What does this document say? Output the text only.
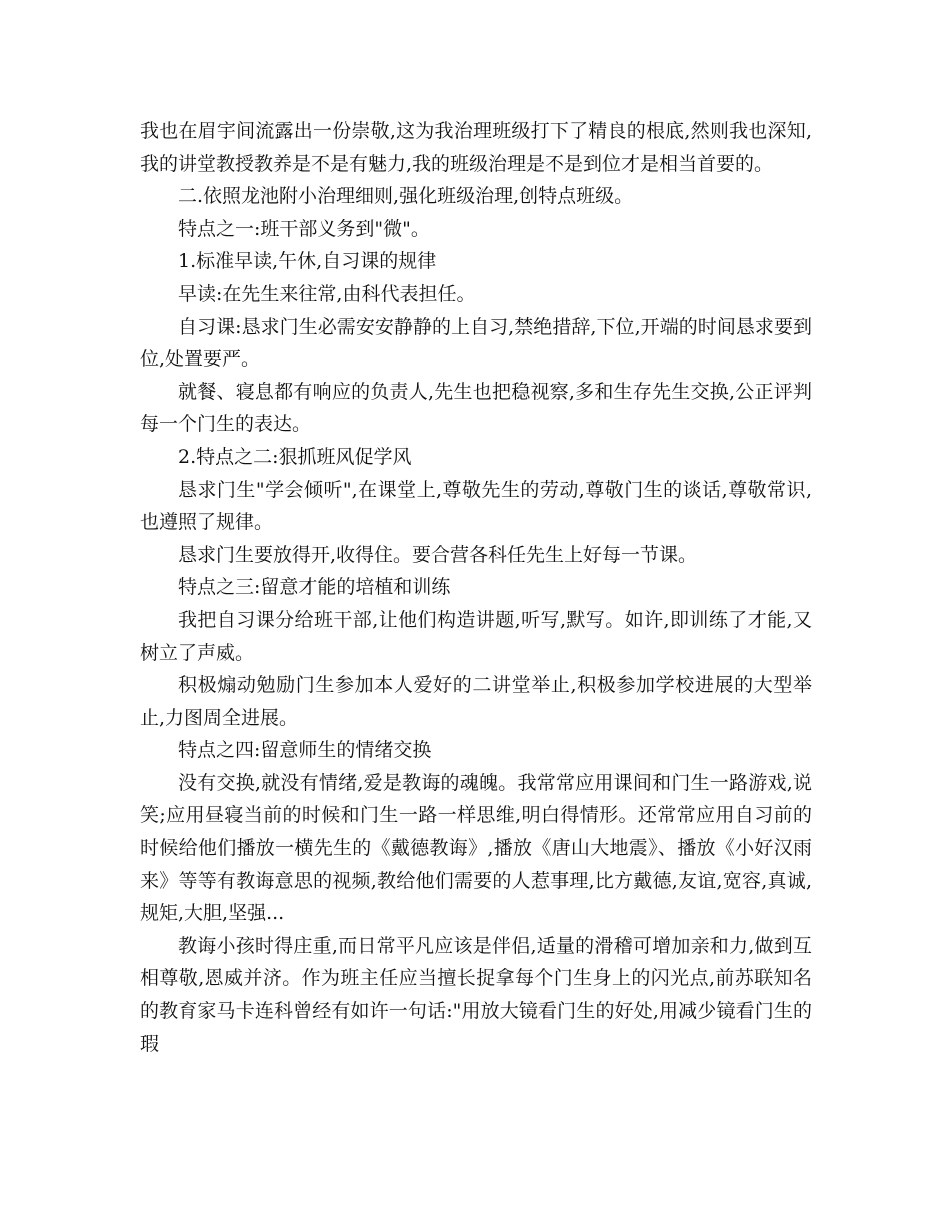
我也在眉宇间流露出一份崇敬,这为我治理班级打下了精良的根底,然则我也深知,我的讲堂教授教养是不是有魅力,我的班级治理是不是到位才是相当首要的。

二.依照龙池附小治理细则,强化班级治理,创特点班级。

特点之一:班干部义务到"微"。

1.标准早读,午休,自习课的规律

早读:在先生来往常,由科代表担任。

自习课:恳求门生必需安安静静的上自习,禁绝措辞,下位,开端的时间恳求要到位,处置要严。

就餐、寝息都有响应的负责人,先生也把稳视察,多和生存先生交换,公正评判每一个门生的表达。

2.特点之二:狠抓班风促学风

恳求门生"学会倾听",在课堂上,尊敬先生的劳动,尊敬门生的谈话,尊敬常识,也遵照了规律。

恳求门生要放得开,收得住。要合营各科任先生上好每一节课。

特点之三:留意才能的培植和训练

我把自习课分给班干部,让他们构造讲题,听写,默写。如许,即训练了才能,又树立了声威。

积极煽动勉励门生参加本人爱好的二讲堂举止,积极参加学校进展的大型举止,力图周全进展。

特点之四:留意师生的情绪交换

没有交换,就没有情绪,爱是教诲的魂魄。我常常应用课间和门生一路游戏,说笑;应用昼寝当前的时候和门生一路一样思维,明白得情形。还常常应用自习前的时候给他们播放一横先生的《戴德教诲》,播放《唐山大地震》、播放《小好汉雨来》等等有教诲意思的视频,教给他们需要的人惹事理,比方戴德,友谊,宽容,真诚,规矩,大胆,坚强...

教诲小孩时得庄重,而日常平凡应该是伴侣,适量的滑稽可增加亲和力,做到互相尊敬,恩威并济。作为班主任应当擅长捉拿每个门生身上的闪光点,前苏联知名的教育家马卡连科曾经有如许一句话:"用放大镜看门生的好处,用减少镜看门生的瑕
